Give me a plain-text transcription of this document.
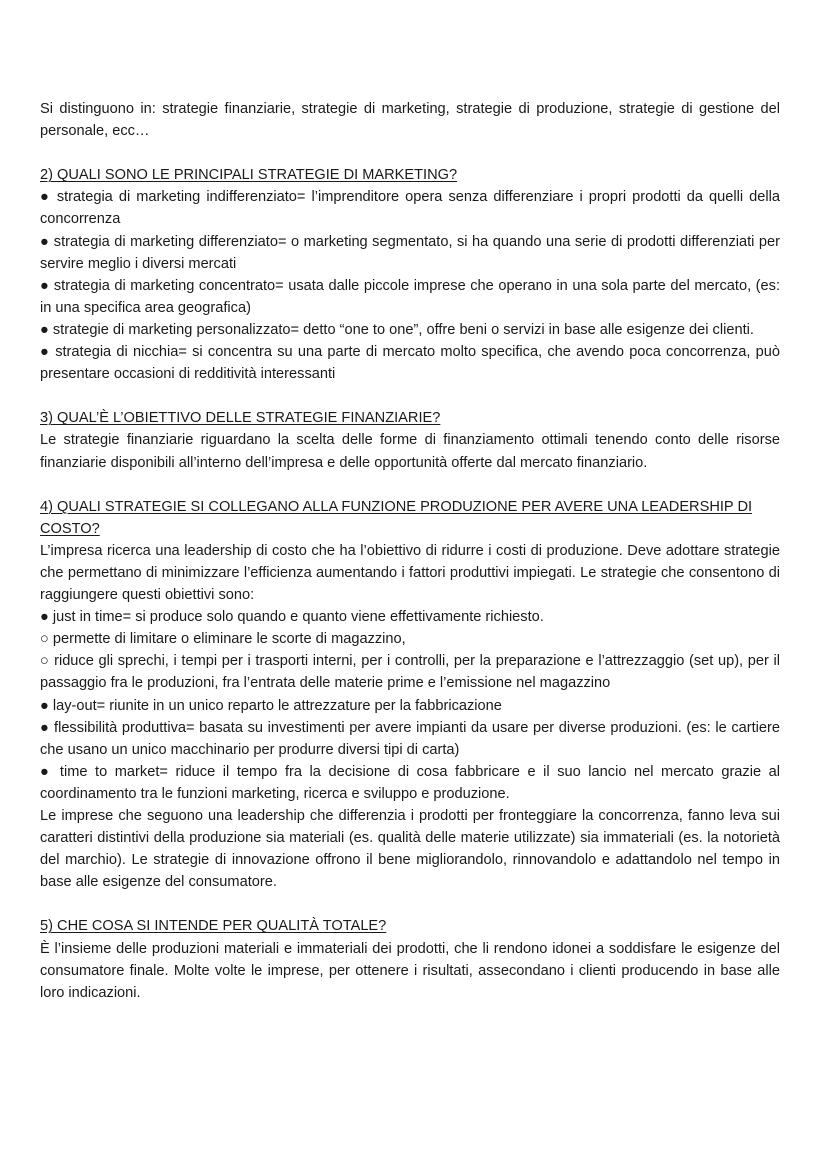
Si distinguono in: strategie finanziarie, strategie di marketing, strategie di produzione, strategie di gestione del personale, ecc…

2) QUALI SONO LE PRINCIPALI STRATEGIE DI MARKETING?

● strategia di marketing indifferenziato= l’imprenditore opera senza differenziare i propri prodotti da quelli della concorrenza

● strategia di marketing differenziato= o marketing segmentato, si ha quando una serie di prodotti differenziati per servire meglio i diversi mercati

● strategia di marketing concentrato= usata dalle piccole imprese che operano in una sola parte del mercato, (es: in una specifica area geografica)

● strategie di marketing personalizzato= detto “one to one”, offre beni o servizi in base alle esigenze dei clienti.

● strategia di nicchia= si concentra su una parte di mercato molto specifica, che avendo poca concorrenza, può presentare occasioni di redditività interessanti

3) QUAL’È L’OBIETTIVO DELLE STRATEGIE FINANZIARIE?

Le strategie finanziarie riguardano la scelta delle forme di finanziamento ottimali tenendo conto delle risorse finanziarie disponibili all’interno dell’impresa e delle opportunità offerte dal mercato finanziario.

4) QUALI STRATEGIE SI COLLEGANO ALLA FUNZIONE PRODUZIONE PER AVERE UNA LEADERSHIP DI COSTO?

L’impresa ricerca una leadership di costo che ha l’obiettivo di ridurre i costi di produzione. Deve adottare strategie che permettano di minimizzare l’efficienza aumentando i fattori produttivi impiegati. Le strategie che consentono di raggiungere questi obiettivi sono:

● just in time= si produce solo quando e quanto viene effettivamente richiesto.

○ permette di limitare o eliminare le scorte di magazzino,

○ riduce gli sprechi, i tempi per i trasporti interni, per i controlli, per la preparazione e l’attrezzaggio (set up), per il passaggio fra le produzioni, fra l’entrata delle materie prime e l’emissione nel magazzino

● lay-out= riunite in un unico reparto le attrezzature per la fabbricazione

● flessibilità produttiva= basata su investimenti per avere impianti da usare per diverse produzioni. (es: le cartiere che usano un unico macchinario per produrre diversi tipi di carta)

● time to market= riduce il tempo fra la decisione di cosa fabbricare e il suo lancio nel mercato grazie al coordinamento tra le funzioni marketing, ricerca e sviluppo e produzione.

Le imprese che seguono una leadership che differenzia i prodotti per fronteggiare la concorrenza, fanno leva sui caratteri distintivi della produzione sia materiali (es. qualità delle materie utilizzate) sia immateriali (es. la notorietà del marchio). Le strategie di innovazione offrono il bene migliorandolo, rinnovandolo e adattandolo nel tempo in base alle esigenze del consumatore.

5) CHE COSA SI INTENDE PER QUALITÀ TOTALE?

È l’insieme delle produzioni materiali e immateriali dei prodotti, che li rendono idonei a soddisfare le esigenze del consumatore finale. Molte volte le imprese, per ottenere i risultati, assecondano i clienti producendo in base alle loro indicazioni.
